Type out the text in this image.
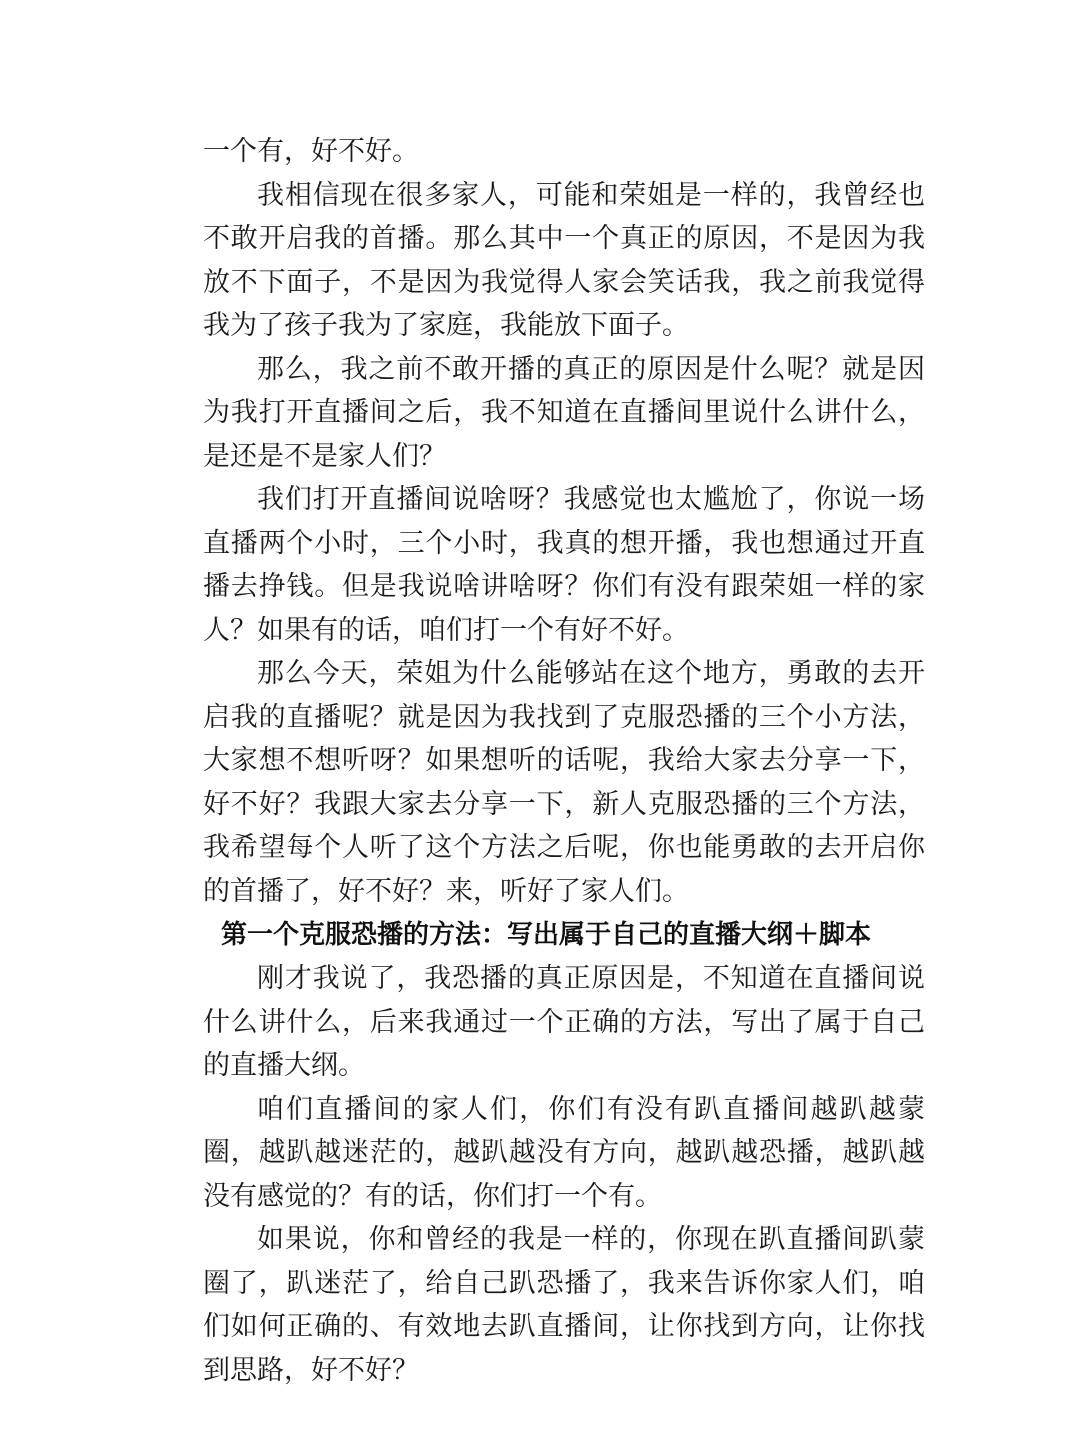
一个有，好不好。

我相信现在很多家人，可能和荣姐是一样的，我曾经也不敢开启我的首播。那么其中一个真正的原因，不是因为我放不下面子，不是因为我觉得人家会笑话我，我之前我觉得我为了孩子我为了家庭，我能放下面子。

那么，我之前不敢开播的真正的原因是什么呢？就是因为我打开直播间之后，我不知道在直播间里说什么讲什么，是还是不是家人们？

我们打开直播间说啥呀？我感觉也太尴尬了，你说一场直播两个小时，三个小时，我真的想开播，我也想通过开直播去挣钱。但是我说啥讲啥呀？你们有没有跟荣姐一样的家人？如果有的话，咱们打一个有好不好。

那么今天，荣姐为什么能够站在这个地方，勇敢的去开启我的直播呢？就是因为我找到了克服恐播的三个小方法，大家想不想听呀？如果想听的话呢，我给大家去分享一下，好不好？我跟大家去分享一下，新人克服恐播的三个方法，我希望每个人听了这个方法之后呢，你也能勇敢的去开启你的首播了，好不好？来，听好了家人们。

第一个克服恐播的方法：写出属于自己的直播大纲＋脚本

刚才我说了，我恐播的真正原因是，不知道在直播间说什么讲什么，后来我通过一个正确的方法，写出了属于自己的直播大纲。

咱们直播间的家人们，你们有没有趴直播间越趴越蒙圈，越趴越迷茫的，越趴越没有方向，越趴越恐播，越趴越没有感觉的？有的话，你们打一个有。

如果说，你和曾经的我是一样的，你现在趴直播间趴蒙圈了，趴迷茫了，给自己趴恐播了，我来告诉你家人们，咱们如何正确的、有效地去趴直播间，让你找到方向，让你找到思路，好不好？
